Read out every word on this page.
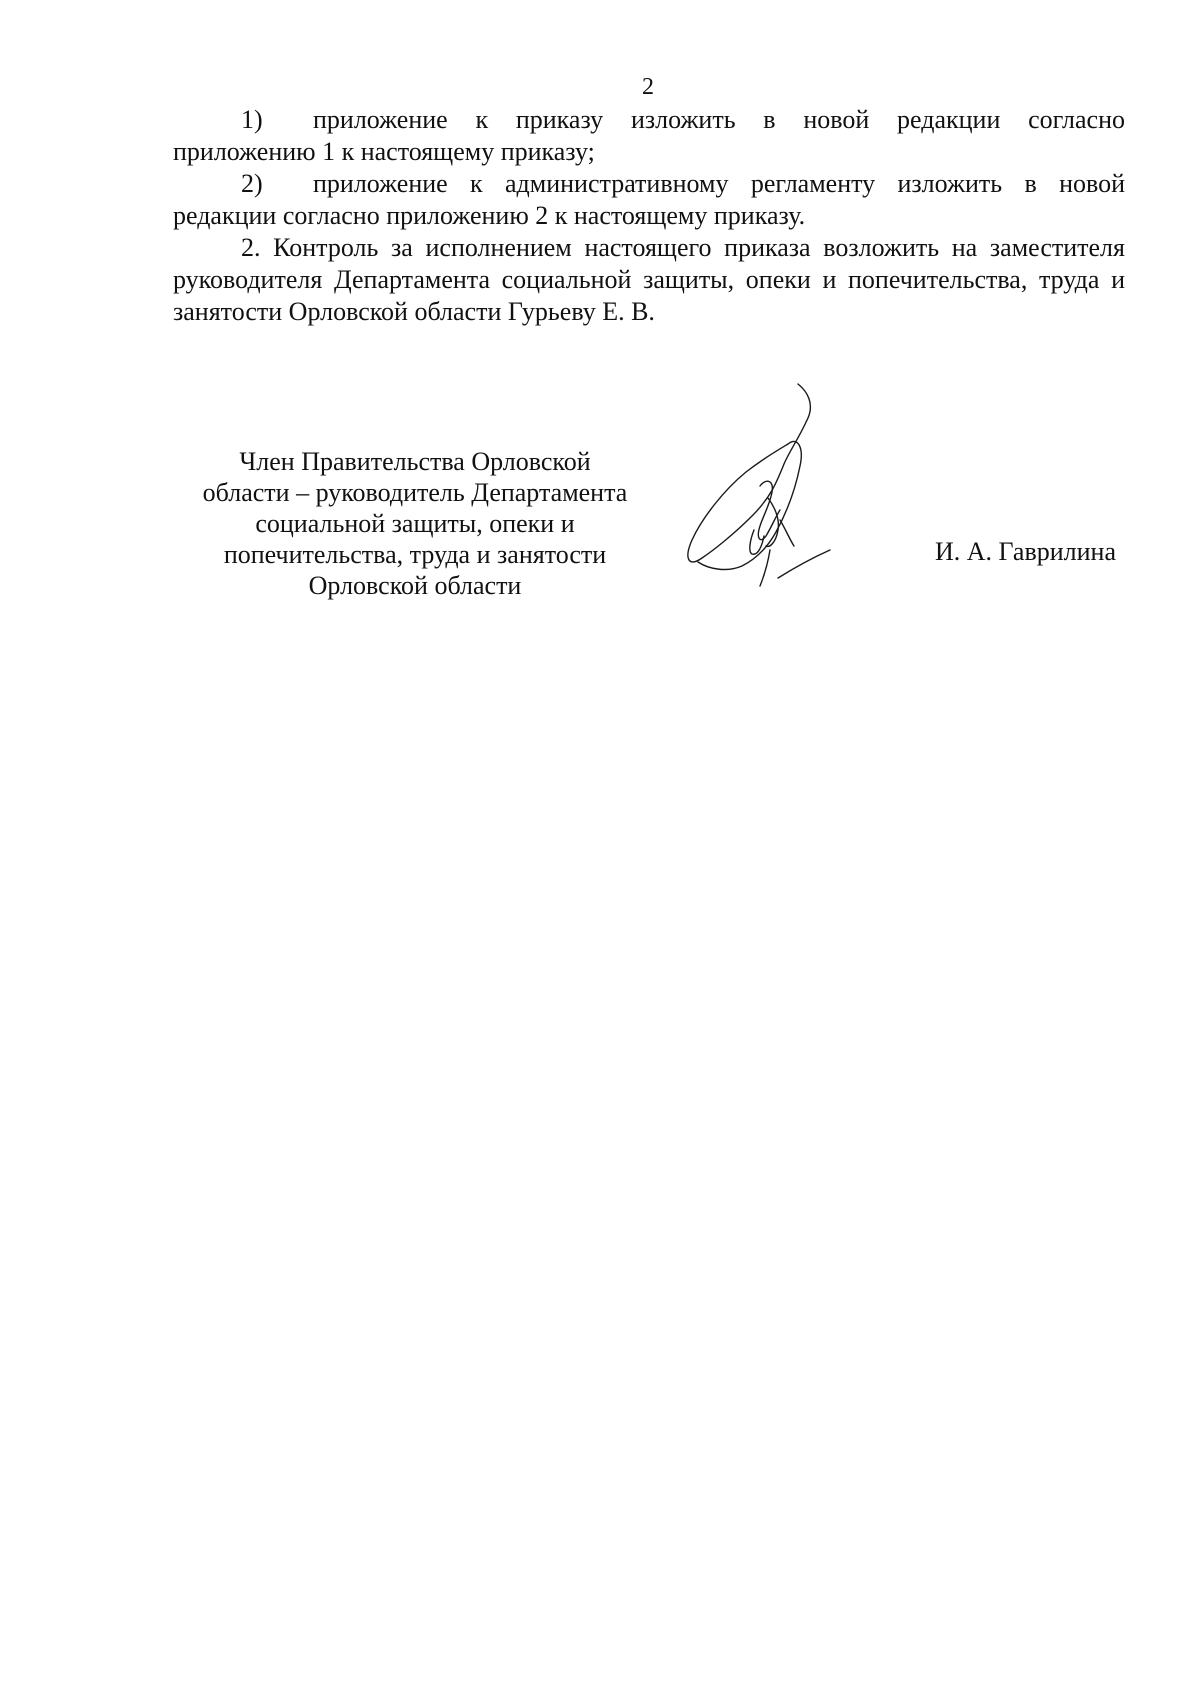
2

1) приложение к приказу изложить в новой редакции согласно приложению 1 к настоящему приказу;

2) приложение к административному регламенту изложить в новой редакции согласно приложению 2 к настоящему приказу.

2. Контроль за исполнением настоящего приказа возложить на заместителя руководителя Департамента социальной защиты, опеки и попечительства, труда и занятости Орловской области Гурьеву Е. В.

Член Правительства Орловской
области – руководитель Департамента
социальной защиты, опеки и
попечительства, труда и занятости
Орловской области
И. А. Гаврилина
